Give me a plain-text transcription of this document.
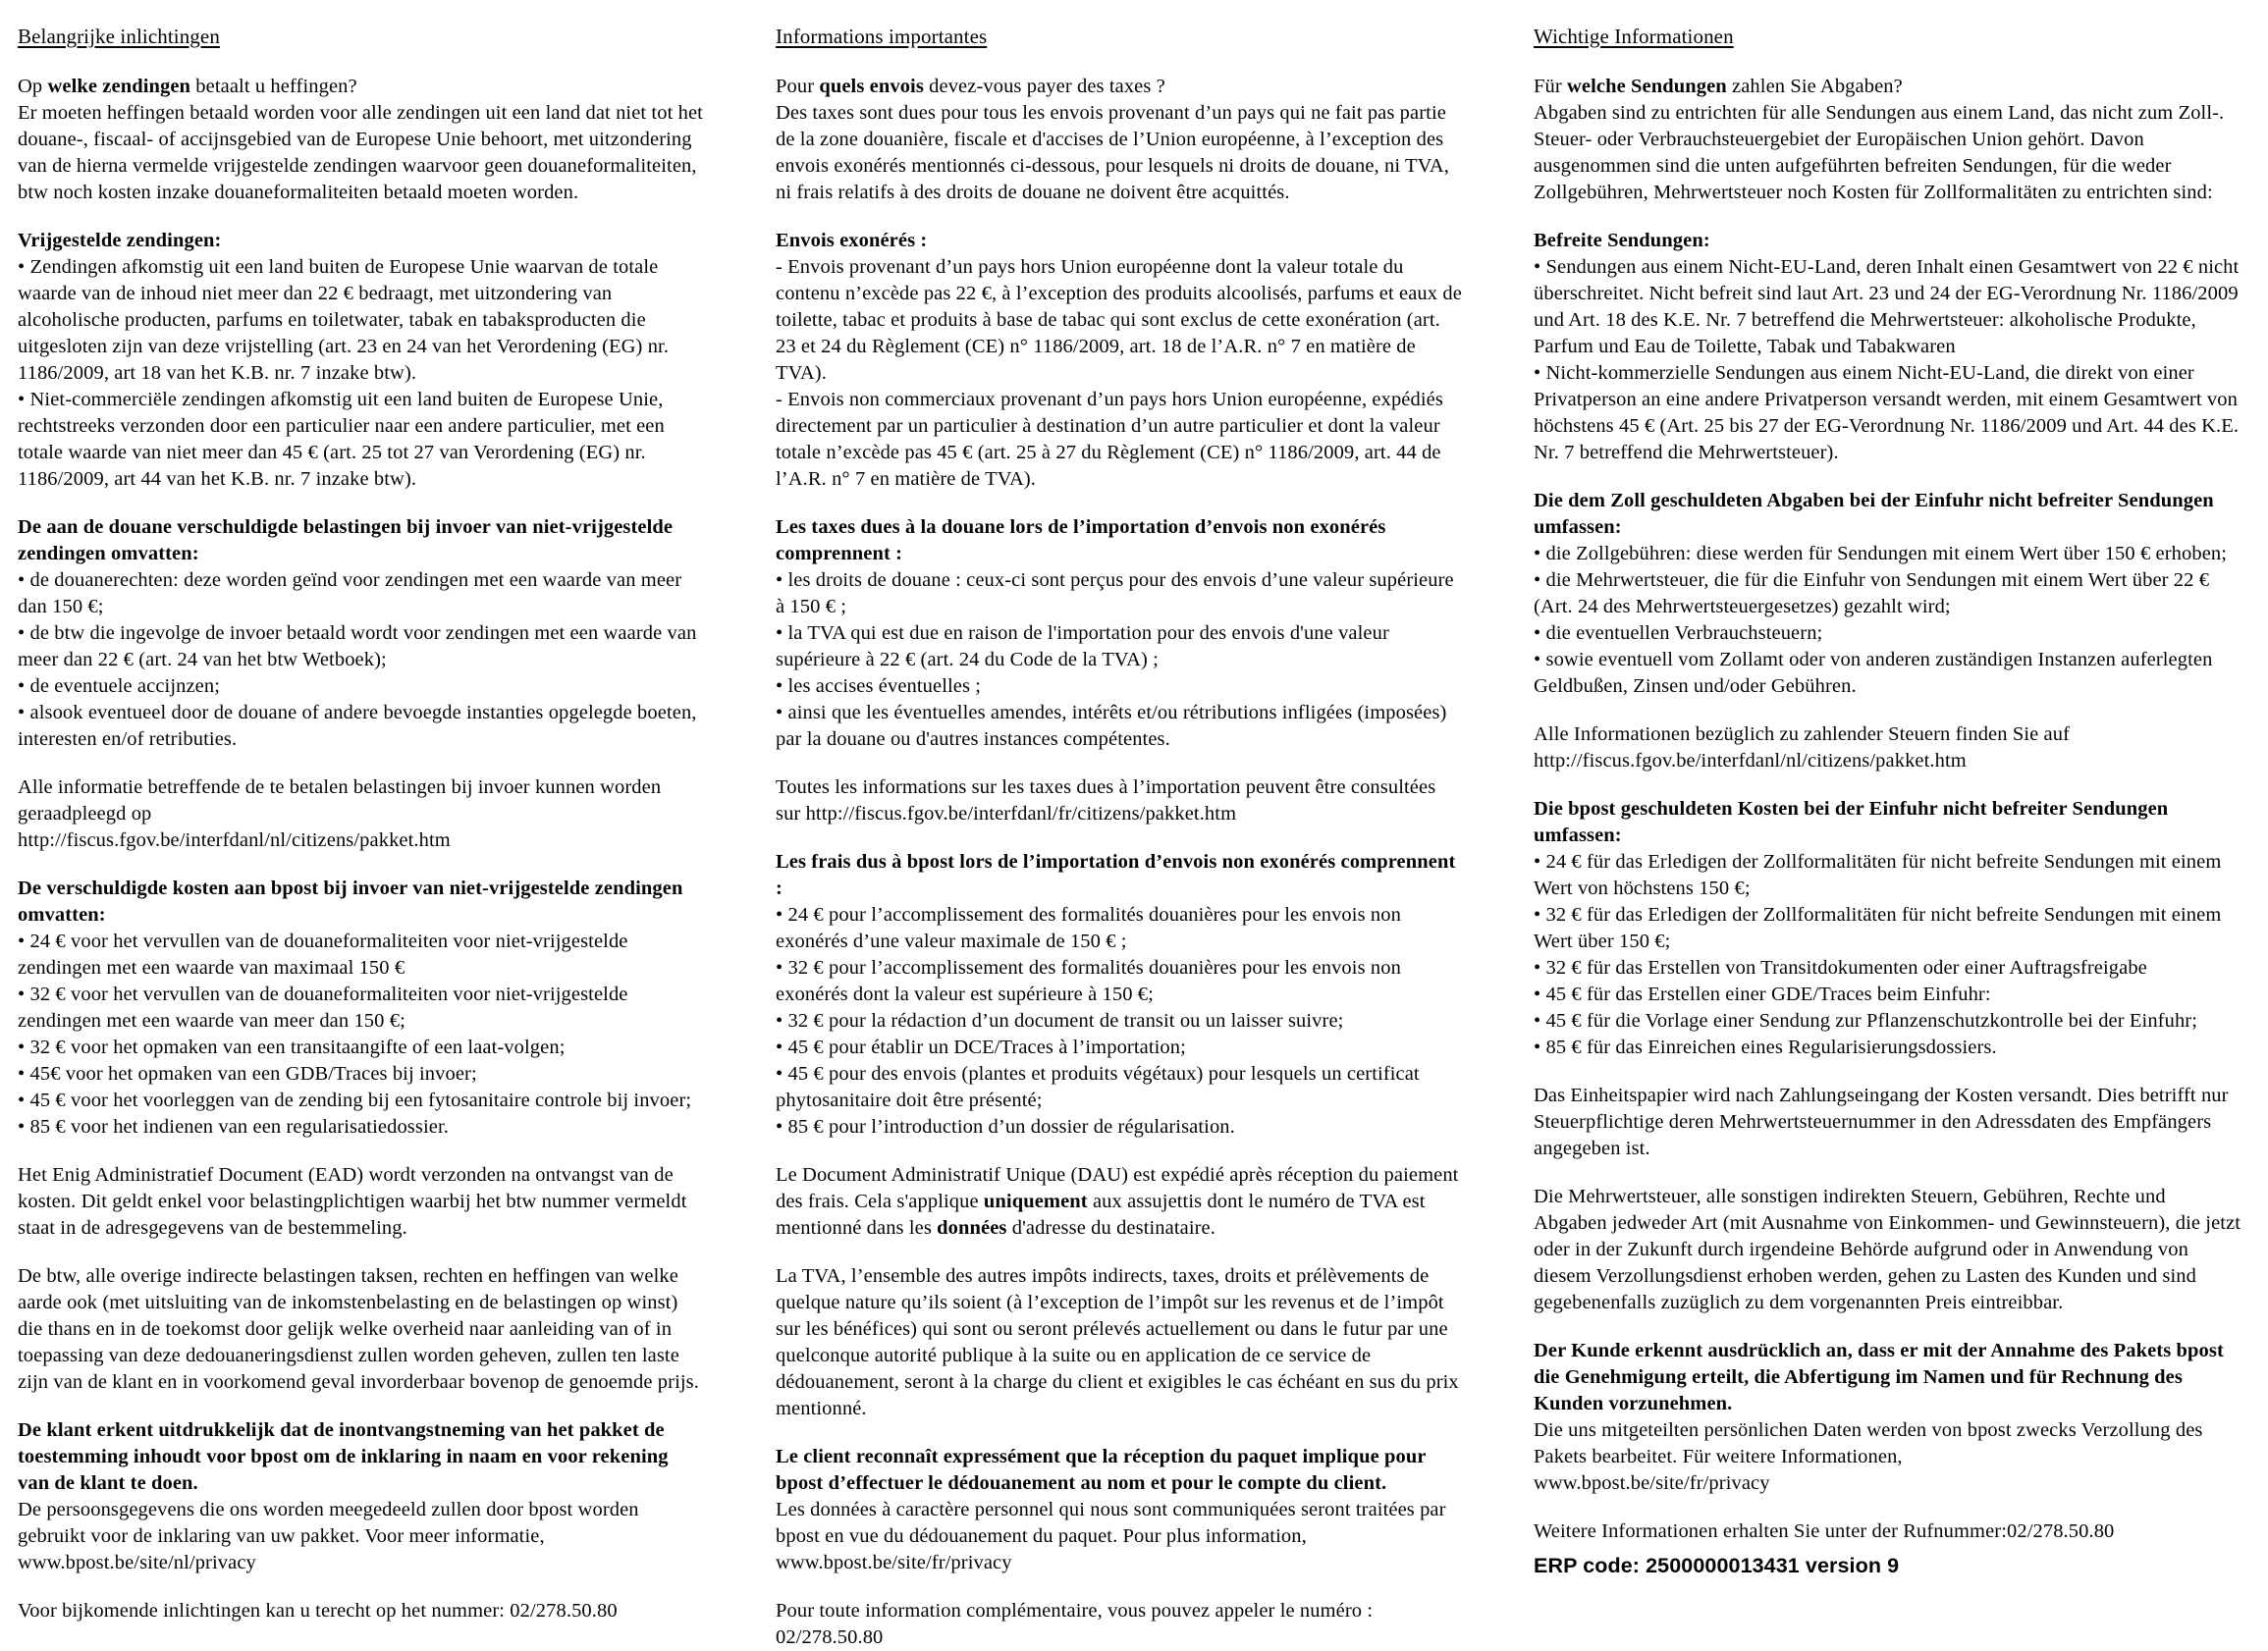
Belangrijke inlichtingen

Op welke zendingen betaalt u heffingen?
Er moeten heffingen betaald worden voor alle zendingen uit een land dat niet tot het douane-, fiscaal- of accijnsgebied van de Europese Unie behoort, met uitzondering van de hierna vermelde vrijgestelde zendingen waarvoor geen douaneformaliteiten, btw noch kosten inzake douaneformaliteiten betaald moeten worden.

Vrijgestelde zendingen:

• Zendingen afkomstig uit een land buiten de Europese Unie waarvan de totale waarde van de inhoud niet meer dan 22 € bedraagt, met uitzondering van alcoholische producten, parfums en toiletwater, tabak en tabaksproducten die uitgesloten zijn van deze vrijstelling (art. 23 en 24 van het Verordening (EG) nr. 1186/2009, art 18 van het K.B. nr. 7 inzake btw).

• Niet-commerciële zendingen afkomstig uit een land buiten de Europese Unie, rechtstreeks verzonden door een particulier naar een andere particulier, met een totale waarde van niet meer dan 45 € (art. 25 tot 27 van Verordening (EG) nr. 1186/2009, art 44 van het K.B. nr. 7 inzake btw).

De aan de douane verschuldigde belastingen bij invoer van niet-vrijgestelde zendingen omvatten:

• de douanerechten: deze worden geïnd voor zendingen met een waarde van meer dan 150 €;

• de btw die ingevolge de invoer betaald wordt voor zendingen met een waarde van meer dan 22 € (art. 24 van het btw Wetboek);

• de eventuele accijnzen;

• alsook eventueel door de douane of andere bevoegde instanties opgelegde boeten, interesten en/of retributies.

Alle informatie betreffende de te betalen belastingen bij invoer kunnen worden geraadpleegd op
http://fiscus.fgov.be/interfdanl/nl/citizens/pakket.htm

De verschuldigde kosten aan bpost bij invoer van niet-vrijgestelde zendingen omvatten:

• 24 € voor het vervullen van de douaneformaliteiten voor niet-vrijgestelde zendingen met een waarde van maximaal 150 €

• 32 € voor het vervullen van de douaneformaliteiten voor niet-vrijgestelde zendingen met een waarde van meer dan 150 €;

• 32 € voor het opmaken van een transitaangifte of een laat-volgen;

• 45€ voor het opmaken van een GDB/Traces bij invoer;

• 45 € voor het voorleggen van de zending bij een fytosanitaire controle bij invoer;

• 85 € voor het indienen van een regularisatiedossier.

Het Enig Administratief Document (EAD) wordt verzonden na ontvangst van de kosten. Dit geldt enkel voor belastingplichtigen waarbij het btw nummer vermeldt staat in de adresgegevens van de bestemmeling.

De btw, alle overige indirecte belastingen taksen, rechten en heffingen van welke aarde ook (met uitsluiting van de inkomstenbelasting en de belastingen op winst) die thans en in de toekomst door gelijk welke overheid naar aanleiding van of in toepassing van deze dedouaneringsdienst zullen worden geheven, zullen ten laste zijn van de klant en in voorkomend geval invorderbaar bovenop de genoemde prijs.

De klant erkent uitdrukkelijk dat de inontvangstneming van het pakket de toestemming inhoudt voor bpost om de inklaring in naam en voor rekening van de klant te doen.
De persoonsgegevens die ons worden meegedeeld zullen door bpost worden gebruikt voor de inklaring van uw pakket. Voor meer informatie,
www.bpost.be/site/nl/privacy

Voor bijkomende inlichtingen kan u terecht op het nummer: 02/278.50.80

Informations importantes

Pour quels envois devez-vous payer des taxes ?
Des taxes sont dues pour tous les envois provenant d’un pays qui ne fait pas partie de la zone douanière, fiscale et d'accises de l’Union européenne, à l’exception des envois exonérés mentionnés ci-dessous, pour lesquels ni droits de douane, ni TVA, ni frais relatifs à des droits de douane ne doivent être acquittés.

Envois exonérés :

- Envois provenant d’un pays hors Union européenne dont la valeur totale du contenu n’excède pas 22 €, à l’exception des produits alcoolisés, parfums et eaux de toilette, tabac et produits à base de tabac qui sont exclus de cette exonération (art. 23 et 24 du Règlement (CE) n° 1186/2009, art. 18 de l’A.R. n° 7 en matière de TVA).

- Envois non commerciaux provenant d’un pays hors Union européenne, expédiés directement par un particulier à destination d’un autre particulier et dont la valeur totale n’excède pas 45 € (art. 25 à 27 du Règlement (CE) n° 1186/2009, art. 44 de l’A.R. n° 7 en matière de TVA).

Les taxes dues à la douane lors de l’importation d’envois non exonérés comprennent :

• les droits de douane : ceux-ci sont perçus pour des envois d’une valeur supérieure à 150 € ;

• la TVA qui est due en raison de l'importation pour des envois d'une valeur supérieure à 22 € (art. 24 du Code de la TVA) ;

• les accises éventuelles ;

• ainsi que les éventuelles amendes, intérêts et/ou rétributions infligées (imposées) par la douane ou d'autres instances compétentes.

Toutes les informations sur les taxes dues à l’importation peuvent être consultées sur http://fiscus.fgov.be/interfdanl/fr/citizens/pakket.htm

Les frais dus à bpost lors de l’importation d’envois non exonérés comprennent :

• 24 € pour l’accomplissement des formalités douanières pour les envois non exonérés d’une valeur maximale de 150 € ;

• 32 € pour l’accomplissement des formalités douanières pour les envois non exonérés dont la valeur est supérieure à 150 €;

• 32 € pour la rédaction d’un document de transit ou un laisser suivre;

• 45 € pour établir un DCE/Traces à l’importation;

• 45 € pour des envois (plantes et produits végétaux) pour lesquels un certificat phytosanitaire doit être présenté;

• 85 € pour l’introduction d’un dossier de régularisation.

Le Document Administratif Unique (DAU) est expédié après réception du paiement des frais. Cela s'applique uniquement aux assujettis dont le numéro de TVA est mentionné dans les données d'adresse du destinataire.

La TVA, l’ensemble des autres impôts indirects, taxes, droits et prélèvements de quelque nature qu’ils soient (à l’exception de l’impôt sur les revenus et de l’impôt sur les bénéfices) qui sont ou seront prélevés actuellement ou dans le futur par une quelconque autorité publique à la suite ou en application de ce service de dédouanement, seront à la charge du client et exigibles le cas échéant en sus du prix mentionné.

Le client reconnaît expressément que la réception du paquet implique pour bpost d’effectuer le dédouanement au nom et pour le compte du client.
Les données à caractère personnel qui nous sont communiquées seront traitées par bpost en vue du dédouanement du paquet. Pour plus information,
www.bpost.be/site/fr/privacy

Pour toute information complémentaire, vous pouvez appeler le numéro : 02/278.50.80

Wichtige Informationen

Für welche Sendungen zahlen Sie Abgaben?
Abgaben sind zu entrichten für alle Sendungen aus einem Land, das nicht zum Zoll-. Steuer- oder Verbrauchsteuergebiet der Europäischen Union gehört. Davon ausgenommen sind die unten aufgeführten befreiten Sendungen, für die weder Zollgebühren, Mehrwertsteuer noch Kosten für Zollformalitäten zu entrichten sind:

Befreite Sendungen:

• Sendungen aus einem Nicht-EU-Land, deren Inhalt einen Gesamtwert von 22 € nicht überschreitet. Nicht befreit sind laut Art. 23 und 24 der EG-Verordnung Nr. 1186/2009 und Art. 18 des K.E. Nr. 7 betreffend die Mehrwertsteuer: alkoholische Produkte, Parfum und Eau de Toilette, Tabak und Tabakwaren

• Nicht-kommerzielle Sendungen aus einem Nicht-EU-Land, die direkt von einer Privatperson an eine andere Privatperson versandt werden, mit einem Gesamtwert von höchstens 45 € (Art. 25 bis 27 der EG-Verordnung Nr. 1186/2009 und Art. 44 des K.E. Nr. 7 betreffend die Mehrwertsteuer).

Die dem Zoll geschuldeten Abgaben bei der Einfuhr nicht befreiter Sendungen umfassen:

• die Zollgebühren: diese werden für Sendungen mit einem Wert über 150 € erhoben;

• die Mehrwertsteuer, die für die Einfuhr von Sendungen mit einem Wert über 22 € (Art. 24 des Mehrwertsteuergesetzes) gezahlt wird;

• die eventuellen Verbrauchsteuern;

• sowie eventuell vom Zollamt oder von anderen zuständigen Instanzen auferlegten Geldbußen, Zinsen und/oder Gebühren.

Alle Informationen bezüglich zu zahlender Steuern finden Sie auf
http://fiscus.fgov.be/interfdanl/nl/citizens/pakket.htm

Die bpost geschuldeten Kosten bei der Einfuhr nicht befreiter Sendungen umfassen:

• 24 € für das Erledigen der Zollformalitäten für nicht befreite Sendungen mit einem Wert von höchstens 150 €;

• 32 € für das Erledigen der Zollformalitäten für nicht befreite Sendungen mit einem Wert über 150 €;

• 32 € für das Erstellen von Transitdokumenten oder einer Auftragsfreigabe

• 45 € für das Erstellen einer GDE/Traces beim Einfuhr:

• 45 € für die Vorlage einer Sendung zur Pflanzenschutzkontrolle bei der Einfuhr;

• 85 € für das Einreichen eines Regularisierungsdossiers.

Das Einheitspapier wird nach Zahlungseingang der Kosten versandt. Dies betrifft nur Steuerpflichtige deren Mehrwertsteuernummer in den Adressdaten des Empfängers angegeben ist.

Die Mehrwertsteuer, alle sonstigen indirekten Steuern, Gebühren, Rechte und Abgaben jedweder Art (mit Ausnahme von Einkommen- und Gewinnsteuern), die jetzt oder in der Zukunft durch irgendeine Behörde aufgrund oder in Anwendung von diesem Verzollungsdienst erhoben werden, gehen zu Lasten des Kunden und sind gegebenenfalls zuzüglich zu dem vorgenannten Preis eintreibbar.

Der Kunde erkennt ausdrücklich an, dass er mit der Annahme des Pakets bpost die Genehmigung erteilt, die Abfertigung im Namen und für Rechnung des Kunden vorzunehmen.
Die uns mitgeteilten persönlichen Daten werden von bpost zwecks Verzollung des Pakets bearbeitet. Für weitere Informationen,
www.bpost.be/site/fr/privacy

Weitere Informationen erhalten Sie unter der Rufnummer:02/278.50.80

ERP code: 2500000013431 version 9
